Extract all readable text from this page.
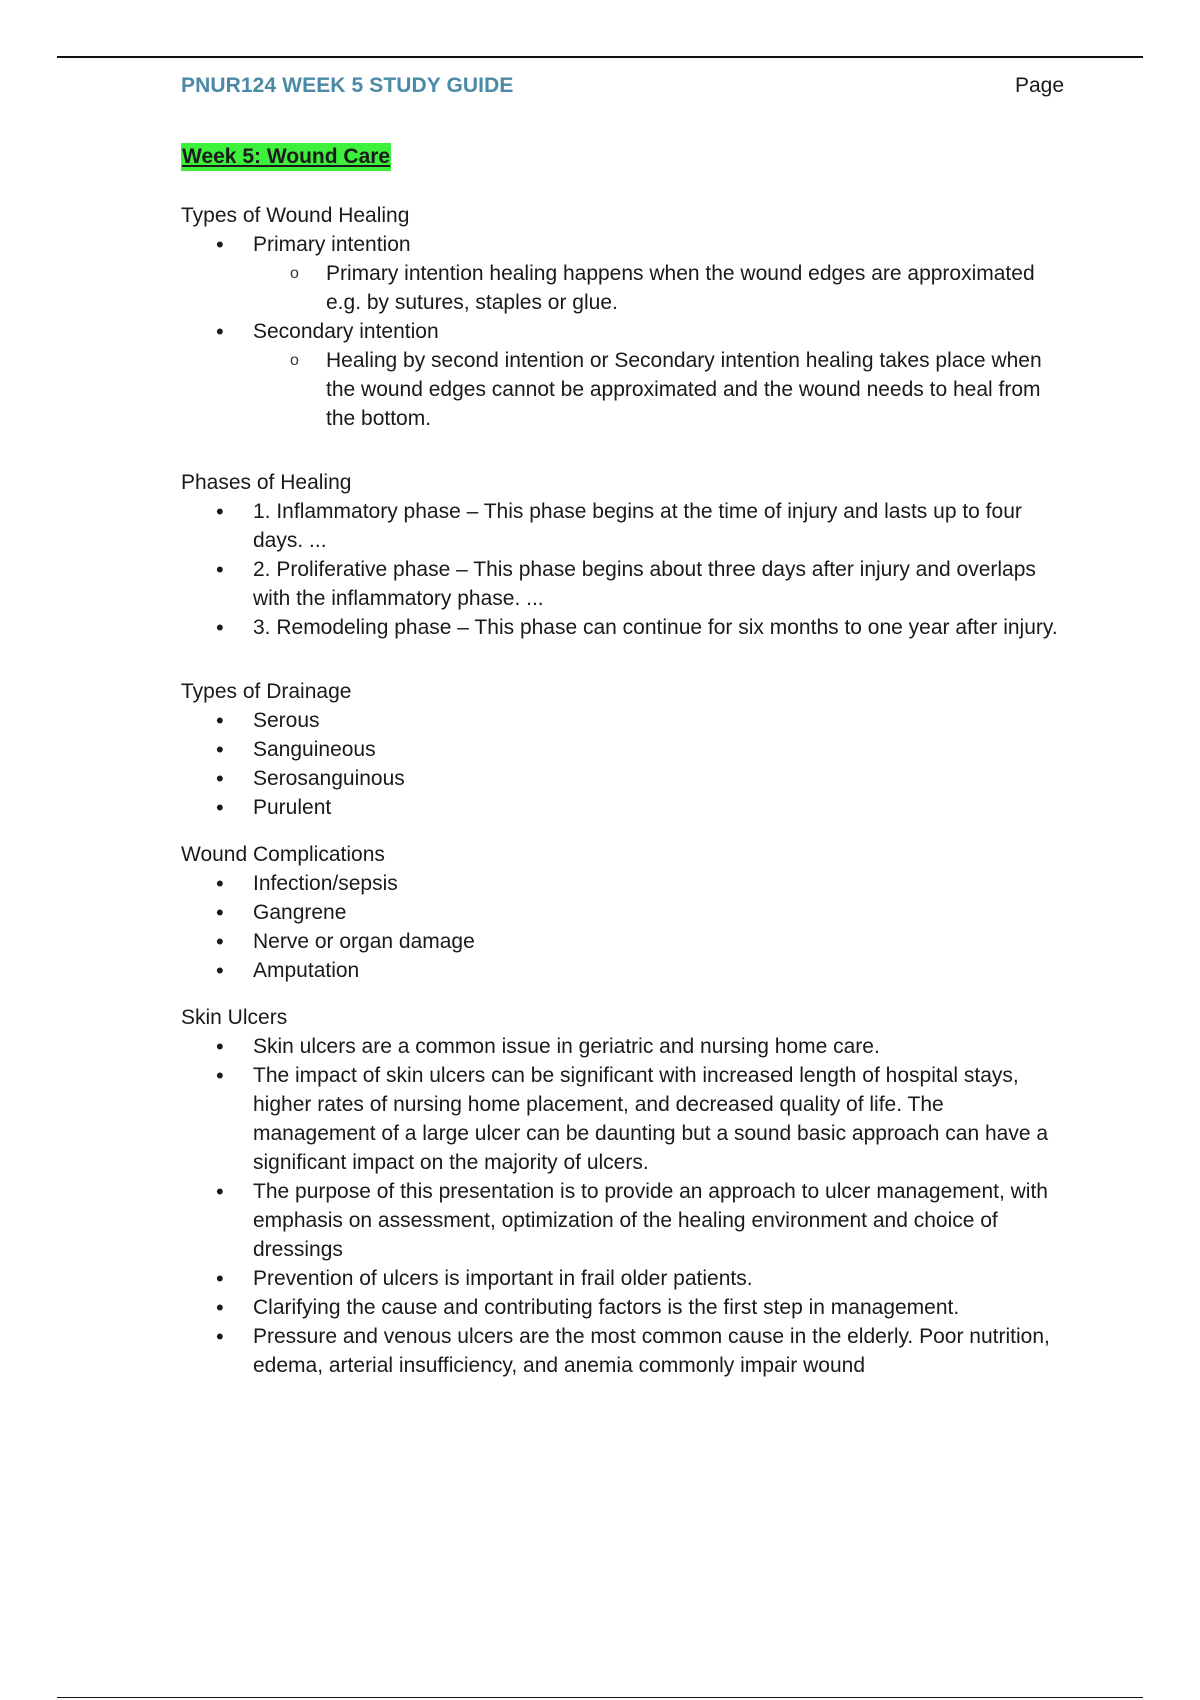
PNUR124 WEEK 5 STUDY GUIDE	Page
Week 5: Wound Care
Types of Wound Healing
• Primary intention
o Primary intention healing happens when the wound edges are approximated e.g. by sutures, staples or glue.
• Secondary intention
o Healing by second intention or Secondary intention healing takes place when the wound edges cannot be approximated and the wound needs to heal from the bottom.
Phases of Healing
• 1. Inflammatory phase – This phase begins at the time of injury and lasts up to four days. ...
• 2. Proliferative phase – This phase begins about three days after injury and overlaps with the inflammatory phase. ...
• 3. Remodeling phase – This phase can continue for six months to one year after injury.
Types of Drainage
• Serous
• Sanguineous
• Serosanguinous
• Purulent
Wound Complications
• Infection/sepsis
• Gangrene
• Nerve or organ damage
• Amputation
Skin Ulcers
• Skin ulcers are a common issue in geriatric and nursing home care.
• The impact of skin ulcers can be significant with increased length of hospital stays, higher rates of nursing home placement, and decreased quality of life. The management of a large ulcer can be daunting but a sound basic approach can have a significant impact on the majority of ulcers.
• The purpose of this presentation is to provide an approach to ulcer management, with emphasis on assessment, optimization of the healing environment and choice of dressings
• Prevention of ulcers is important in frail older patients.
• Clarifying the cause and contributing factors is the first step in management.
• Pressure and venous ulcers are the most common cause in the elderly. Poor nutrition, edema, arterial insufficiency, and anemia commonly impair wound
